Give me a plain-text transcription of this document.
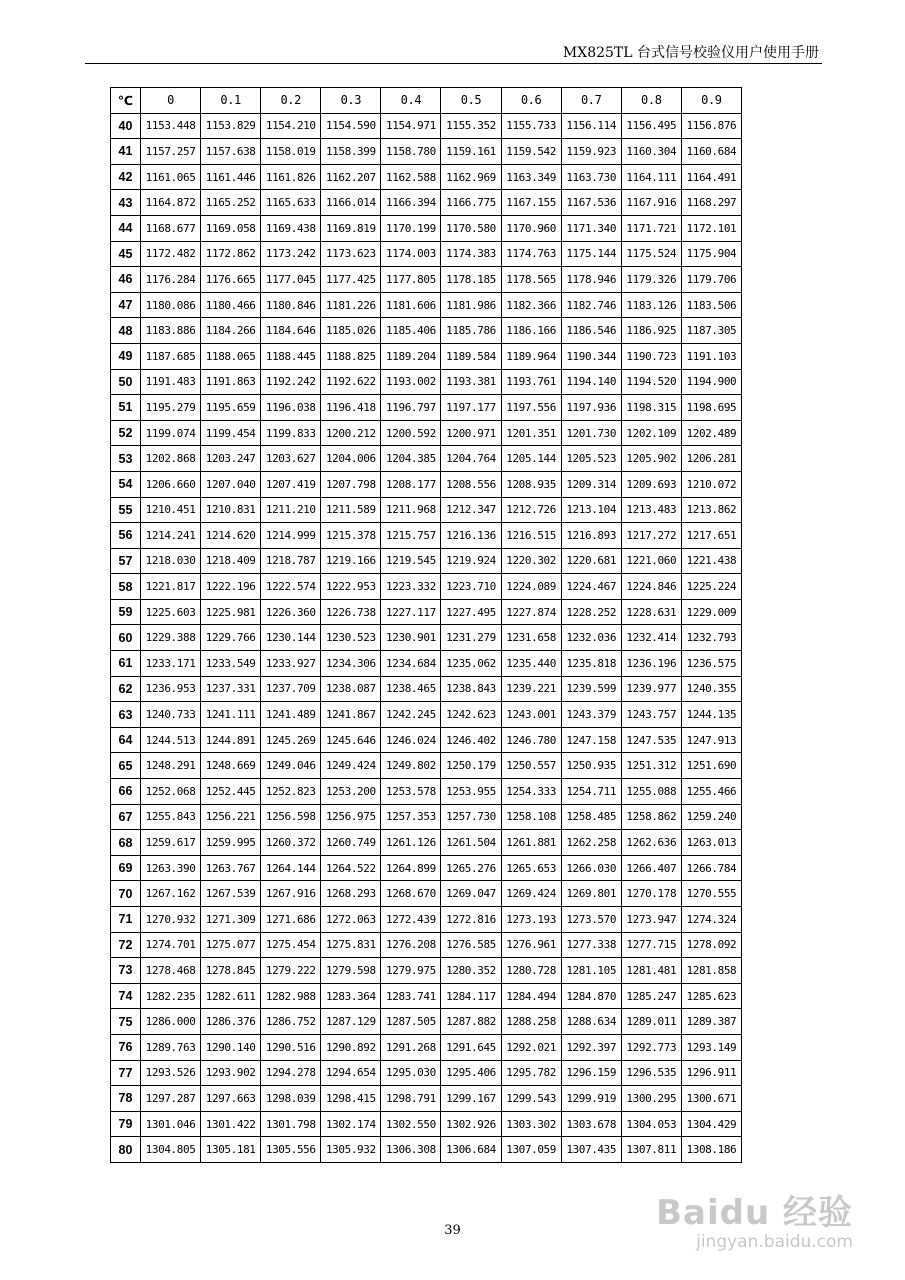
MX825TL 台式信号校验仪用户使用手册
℃	0	0.1	0.2	0.3	0.4	0.5	0.6	0.7	0.8	0.9
40	1153.448	1153.829	1154.210	1154.590	1154.971	1155.352	1155.733	1156.114	1156.495	1156.876
41	1157.257	1157.638	1158.019	1158.399	1158.780	1159.161	1159.542	1159.923	1160.304	1160.684
42	1161.065	1161.446	1161.826	1162.207	1162.588	1162.969	1163.349	1163.730	1164.111	1164.491
43	1164.872	1165.252	1165.633	1166.014	1166.394	1166.775	1167.155	1167.536	1167.916	1168.297
44	1168.677	1169.058	1169.438	1169.819	1170.199	1170.580	1170.960	1171.340	1171.721	1172.101
45	1172.482	1172.862	1173.242	1173.623	1174.003	1174.383	1174.763	1175.144	1175.524	1175.904
46	1176.284	1176.665	1177.045	1177.425	1177.805	1178.185	1178.565	1178.946	1179.326	1179.706
47	1180.086	1180.466	1180.846	1181.226	1181.606	1181.986	1182.366	1182.746	1183.126	1183.506
48	1183.886	1184.266	1184.646	1185.026	1185.406	1185.786	1186.166	1186.546	1186.925	1187.305
49	1187.685	1188.065	1188.445	1188.825	1189.204	1189.584	1189.964	1190.344	1190.723	1191.103
50	1191.483	1191.863	1192.242	1192.622	1193.002	1193.381	1193.761	1194.140	1194.520	1194.900
51	1195.279	1195.659	1196.038	1196.418	1196.797	1197.177	1197.556	1197.936	1198.315	1198.695
52	1199.074	1199.454	1199.833	1200.212	1200.592	1200.971	1201.351	1201.730	1202.109	1202.489
53	1202.868	1203.247	1203.627	1204.006	1204.385	1204.764	1205.144	1205.523	1205.902	1206.281
54	1206.660	1207.040	1207.419	1207.798	1208.177	1208.556	1208.935	1209.314	1209.693	1210.072
55	1210.451	1210.831	1211.210	1211.589	1211.968	1212.347	1212.726	1213.104	1213.483	1213.862
56	1214.241	1214.620	1214.999	1215.378	1215.757	1216.136	1216.515	1216.893	1217.272	1217.651
57	1218.030	1218.409	1218.787	1219.166	1219.545	1219.924	1220.302	1220.681	1221.060	1221.438
58	1221.817	1222.196	1222.574	1222.953	1223.332	1223.710	1224.089	1224.467	1224.846	1225.224
59	1225.603	1225.981	1226.360	1226.738	1227.117	1227.495	1227.874	1228.252	1228.631	1229.009
60	1229.388	1229.766	1230.144	1230.523	1230.901	1231.279	1231.658	1232.036	1232.414	1232.793
61	1233.171	1233.549	1233.927	1234.306	1234.684	1235.062	1235.440	1235.818	1236.196	1236.575
62	1236.953	1237.331	1237.709	1238.087	1238.465	1238.843	1239.221	1239.599	1239.977	1240.355
63	1240.733	1241.111	1241.489	1241.867	1242.245	1242.623	1243.001	1243.379	1243.757	1244.135
64	1244.513	1244.891	1245.269	1245.646	1246.024	1246.402	1246.780	1247.158	1247.535	1247.913
65	1248.291	1248.669	1249.046	1249.424	1249.802	1250.179	1250.557	1250.935	1251.312	1251.690
66	1252.068	1252.445	1252.823	1253.200	1253.578	1253.955	1254.333	1254.711	1255.088	1255.466
67	1255.843	1256.221	1256.598	1256.975	1257.353	1257.730	1258.108	1258.485	1258.862	1259.240
68	1259.617	1259.995	1260.372	1260.749	1261.126	1261.504	1261.881	1262.258	1262.636	1263.013
69	1263.390	1263.767	1264.144	1264.522	1264.899	1265.276	1265.653	1266.030	1266.407	1266.784
70	1267.162	1267.539	1267.916	1268.293	1268.670	1269.047	1269.424	1269.801	1270.178	1270.555
71	1270.932	1271.309	1271.686	1272.063	1272.439	1272.816	1273.193	1273.570	1273.947	1274.324
72	1274.701	1275.077	1275.454	1275.831	1276.208	1276.585	1276.961	1277.338	1277.715	1278.092
73	1278.468	1278.845	1279.222	1279.598	1279.975	1280.352	1280.728	1281.105	1281.481	1281.858
74	1282.235	1282.611	1282.988	1283.364	1283.741	1284.117	1284.494	1284.870	1285.247	1285.623
75	1286.000	1286.376	1286.752	1287.129	1287.505	1287.882	1288.258	1288.634	1289.011	1289.387
76	1289.763	1290.140	1290.516	1290.892	1291.268	1291.645	1292.021	1292.397	1292.773	1293.149
77	1293.526	1293.902	1294.278	1294.654	1295.030	1295.406	1295.782	1296.159	1296.535	1296.911
78	1297.287	1297.663	1298.039	1298.415	1298.791	1299.167	1299.543	1299.919	1300.295	1300.671
79	1301.046	1301.422	1301.798	1302.174	1302.550	1302.926	1303.302	1303.678	1304.053	1304.429
80	1304.805	1305.181	1305.556	1305.932	1306.308	1306.684	1307.059	1307.435	1307.811	1308.186
39	Baidu 经验
jingyan.baidu.com
